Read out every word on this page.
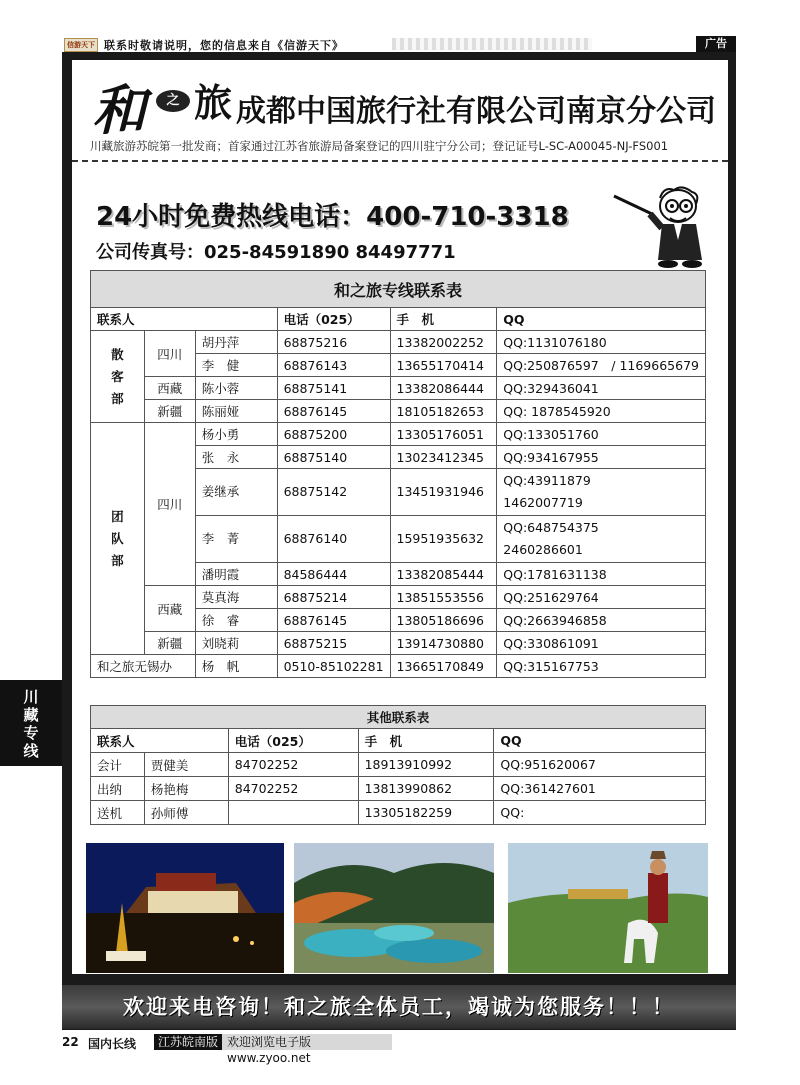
信游天下 联系时敬请说明，您的信息来自《信游天下》	广告
和	之 旅 成都中国旅行社有限公司南京分公司
川藏旅游苏皖第一批发商；首家通过江苏省旅游局备案登记的四川驻宁分公司；登记证号L-SC-A00045-NJ-FS001
24小时免费热线电话：400-710-3318
公司传真号：025-84591890 84497771
和之旅专线联系表					
联系人			电话（025）	手　机	QQ
散
客
部	四川	胡丹萍	68875216	13382002252	QQ:1131076180
		李　健	68876143	13655170414	QQ:250876597　/ 1169665679
	西藏	陈小蓉	68875141	13382086444	QQ:329436041
	新疆	陈丽娅	68876145	18105182653	QQ: 1878545920
团
队
部	四川	杨小勇	68875200	13305176051	QQ:133051760
		张　永	68875140	13023412345	QQ:934167955
		姜继承	68875142	13451931946	QQ:43911879
1462007719
		李　菁	68876140	15951935632	QQ:648754375
2460286601
		潘明霞	84586444	13382085444	QQ:1781631138
	西藏	莫真海	68875214	13851553556	QQ:251629764
		徐　睿	68876145	13805186696	QQ:2663946858
	新疆	刘晓莉	68875215	13914730880	QQ:330861091
和之旅无锡办		杨　帆	0510-85102281	13665170849	QQ:315167753
其他联系表				
联系人		电话（025）	手　机	QQ
会计	贾健美	84702252	18913910992	QQ:951620067
出纳	杨艳梅	84702252	13813990862	QQ:361427601
送机	孙师傅		13305182259	QQ:
欢迎来电咨询！和之旅全体员工，竭诚为您服务！！！
川
藏
专
线
22 国内长线	江苏皖南版 欢迎浏览电子版 www.zyoo.net
